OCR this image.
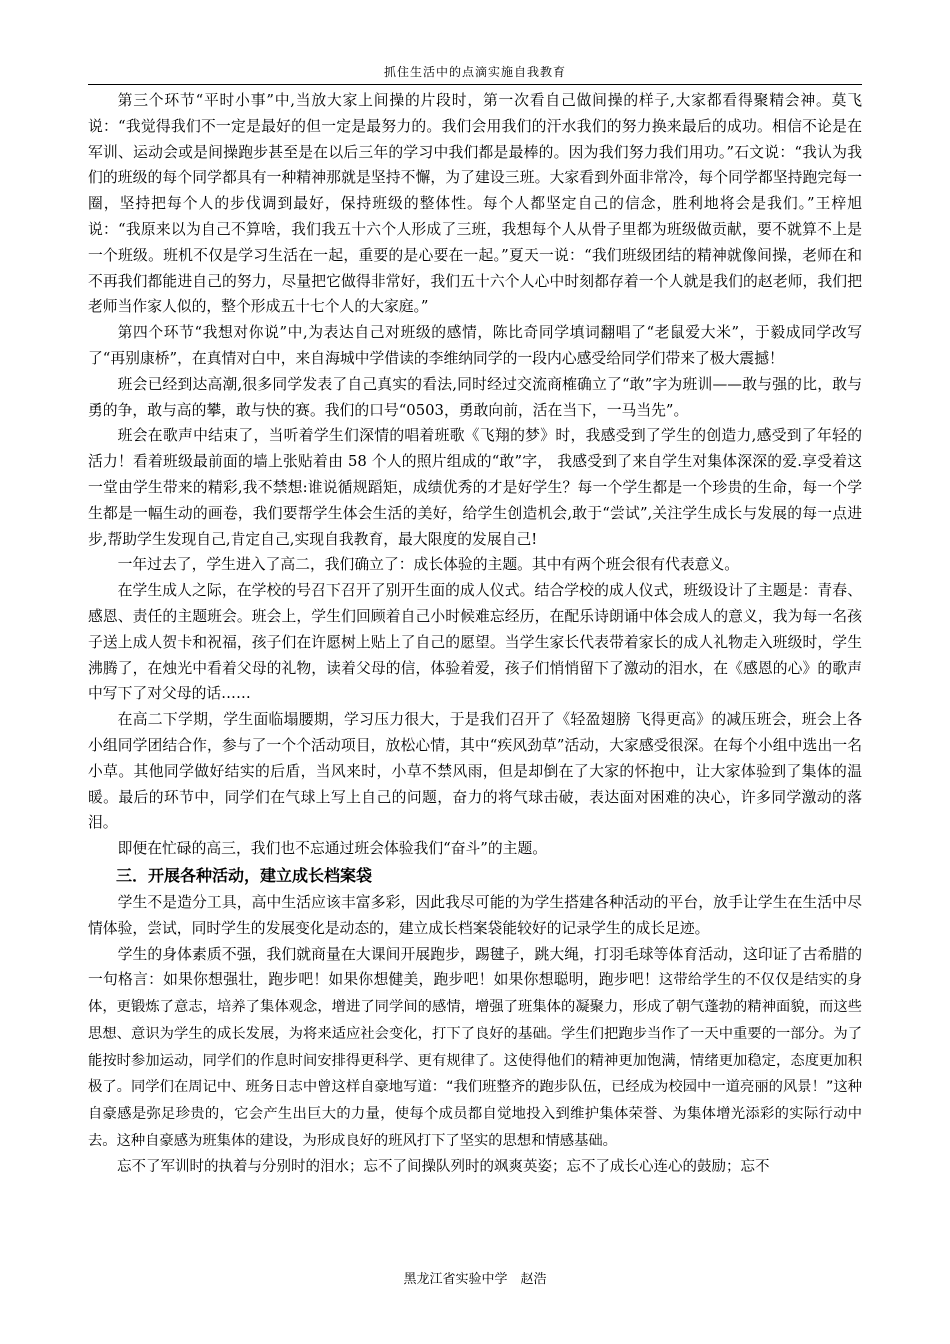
抓住生活中的点滴实施自我教育

第三个环节“平时小事”中,当放大家上间操的片段时，第一次看自己做间操的样子,大家都看得聚精会神。莫飞说：“我觉得我们不一定是最好的但一定是最努力的。我们会用我们的汗水我们的努力换来最后的成功。相信不论是在军训、运动会或是间操跑步甚至是在以后三年的学习中我们都是最棒的。因为我们努力我们用功。”石文说：“我认为我们的班级的每个同学都具有一种精神那就是坚持不懈，为了建设三班。大家看到外面非常冷，每个同学都坚持跑完每一圈，坚持把每个人的步伐调到最好，保持班级的整体性。每个人都坚定自己的信念，胜利地将会是我们。”王梓旭说：“我原来以为自己不算啥，我们我五十六个人形成了三班，我想每个人从骨子里都为班级做贡献，要不就算不上是一个班级。班机不仅是学习生活在一起，重要的是心要在一起。”夏天一说：“我们班级团结的精神就像间操，老师在和不再我们都能进自己的努力，尽量把它做得非常好，我们五十六个人心中时刻都存着一个人就是我们的赵老师，我们把老师当作家人似的，整个形成五十七个人的大家庭。”

第四个环节“我想对你说”中,为表达自己对班级的感情，陈比奇同学填词翻唱了“老鼠爱大米”，于毅成同学改写了“再别康桥”，在真情对白中，来自海城中学借读的李维纳同学的一段内心感受给同学们带来了极大震撼！

班会已经到达高潮,很多同学发表了自己真实的看法,同时经过交流商榷确立了“敢”字为班训——敢与强的比，敢与勇的争，敢与高的攀，敢与快的赛。我们的口号“0503，勇敢向前，活在当下，一马当先”。

班会在歌声中结束了，当听着学生们深情的唱着班歌《飞翔的梦》时，我感受到了学生的创造力,感受到了年轻的活力！看着班级最前面的墙上张贴着由 58 个人的照片组成的“敢”字， 我感受到了来自学生对集体深深的爱.享受着这一堂由学生带来的精彩,我不禁想:谁说循规蹈矩，成绩优秀的才是好学生？每一个学生都是一个珍贵的生命，每一个学生都是一幅生动的画卷，我们要帮学生体会生活的美好，给学生创造机会,敢于“尝试”,关注学生成长与发展的每一点进步,帮助学生发现自己,肯定自己,实现自我教育，最大限度的发展自己!

一年过去了，学生进入了高二，我们确立了：成长体验的主题。其中有两个班会很有代表意义。

在学生成人之际，在学校的号召下召开了别开生面的成人仪式。结合学校的成人仪式，班级设计了主题是：青春、感恩、责任的主题班会。班会上，学生们回顾着自己小时候难忘经历，在配乐诗朗诵中体会成人的意义，我为每一名孩子送上成人贺卡和祝福，孩子们在许愿树上贴上了自己的愿望。当学生家长代表带着家长的成人礼物走入班级时，学生沸腾了，在烛光中看着父母的礼物，读着父母的信，体验着爱，孩子们悄悄留下了激动的泪水，在《感恩的心》的歌声中写下了对父母的话……

在高二下学期，学生面临塌腰期，学习压力很大，于是我们召开了《轻盈翅膀 飞得更高》的减压班会，班会上各小组同学团结合作，参与了一个个活动项目，放松心情，其中“疾风劲草”活动，大家感受很深。在每个小组中选出一名小草。其他同学做好结实的后盾，当风来时，小草不禁风雨，但是却倒在了大家的怀抱中，让大家体验到了集体的温暖。最后的环节中，同学们在气球上写上自己的问题，奋力的将气球击破，表达面对困难的决心，许多同学激动的落泪。

即便在忙碌的高三，我们也不忘通过班会体验我们“奋斗”的主题。

三．开展各种活动，建立成长档案袋

学生不是造分工具，高中生活应该丰富多彩，因此我尽可能的为学生搭建各种活动的平台，放手让学生在生活中尽情体验，尝试，同时学生的发展变化是动态的，建立成长档案袋能较好的记录学生的成长足迹。

学生的身体素质不强，我们就商量在大课间开展跑步，踢毽子，跳大绳，打羽毛球等体育活动，这印证了古希腊的一句格言：如果你想强壮，跑步吧！如果你想健美，跑步吧！如果你想聪明，跑步吧！这带给学生的不仅仅是结实的身体，更锻炼了意志，培养了集体观念，增进了同学间的感情，增强了班集体的凝聚力，形成了朝气蓬勃的精神面貌，而这些思想、意识为学生的成长发展，为将来适应社会变化，打下了良好的基础。学生们把跑步当作了一天中重要的一部分。为了能按时参加运动，同学们的作息时间安排得更科学、更有规律了。这使得他们的精神更加饱满，情绪更加稳定，态度更加积极了。同学们在周记中、班务日志中曾这样自豪地写道：“我们班整齐的跑步队伍，已经成为校园中一道亮丽的风景！”这种自豪感是弥足珍贵的，它会产生出巨大的力量，使每个成员都自觉地投入到维护集体荣誉、为集体增光添彩的实际行动中去。这种自豪感为班集体的建设，为形成良好的班风打下了坚实的思想和情感基础。

忘不了军训时的执着与分别时的泪水；忘不了间操队列时的飒爽英姿；忘不了成长心连心的鼓励；忘不

黑龙江省实验中学　赵浩
